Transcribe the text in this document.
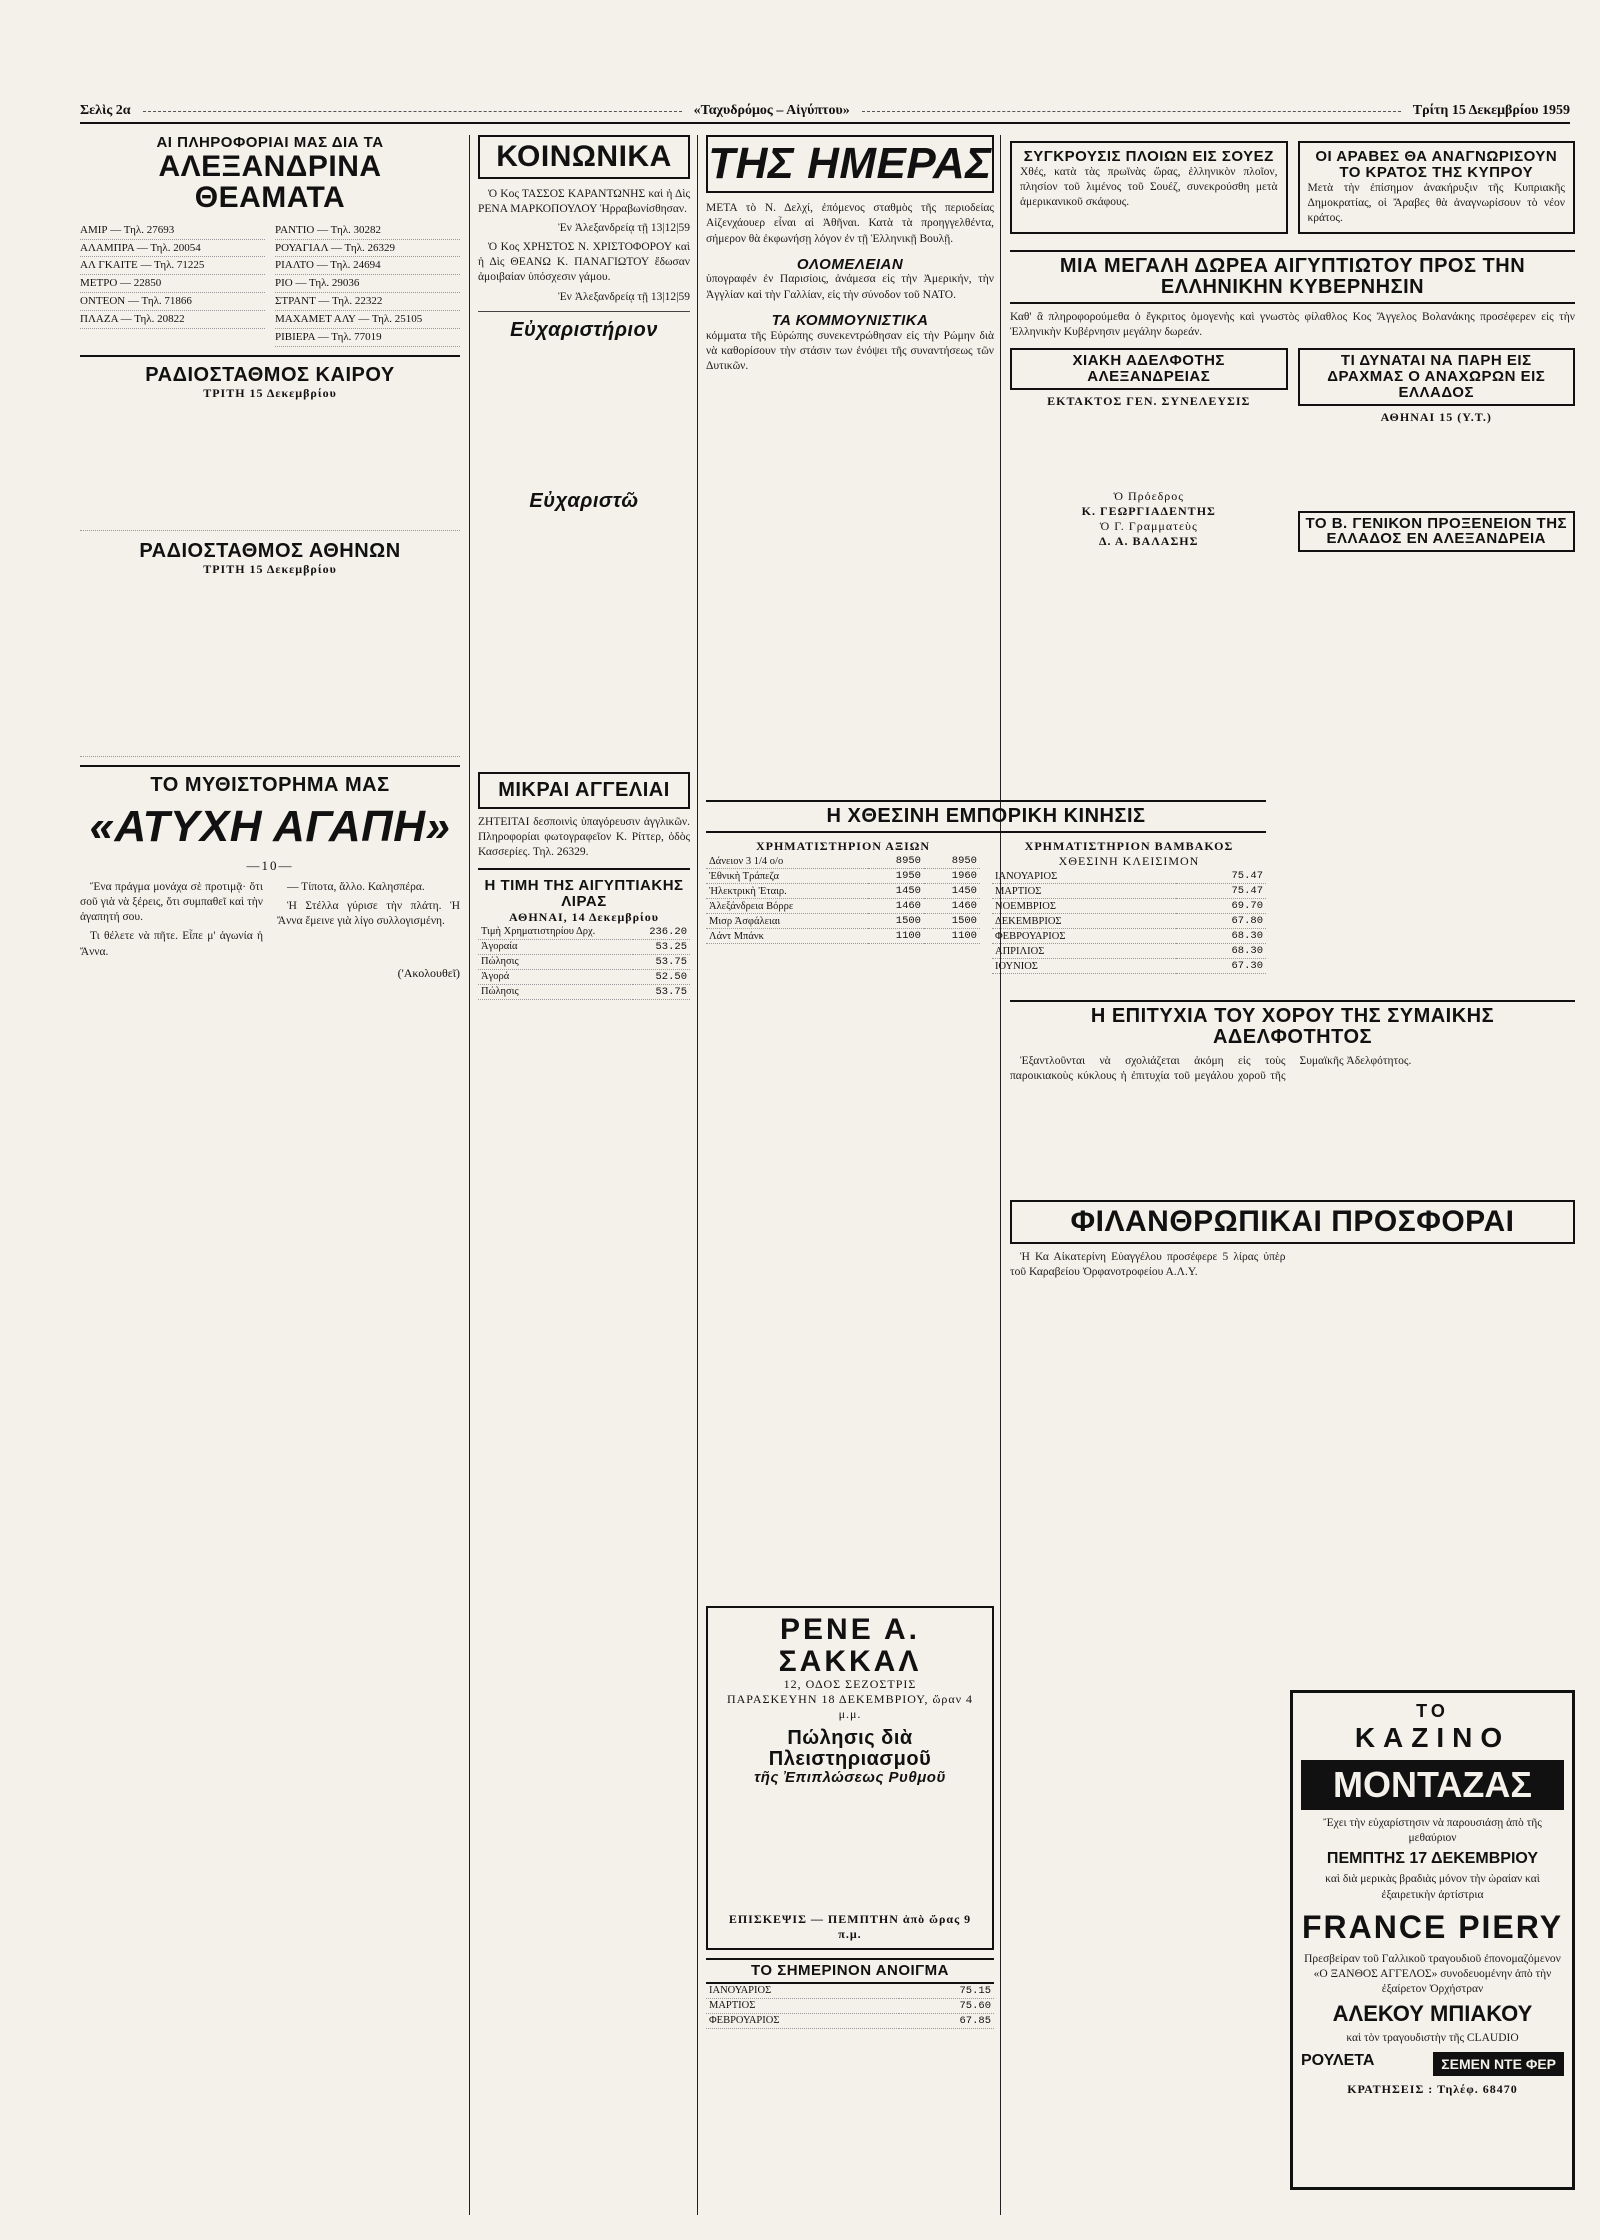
Σελὶς 2α	«Ταχυδρόμος – Αἰγύπτου»	Τρίτη 15 Δεκεμβρίου 1959
ΑΙ ΠΛΗΡΟΦΟΡΙΑΙ ΜΑΣ ΔΙΑ ΤΑ
ΑΛΕΞΑΝΔΡΙΝΑ ΘΕΑΜΑΤΑ
ΑΜΙΡ — Τηλ. 27693
ΑΛΑΜΠΡΑ — Τηλ. 20054
ΑΛ ΓΚΑΙΤΕ — Τηλ. 71225
ΜΕΤΡΟ — 22850
ΟΝΤΕΟΝ — Τηλ. 71866
ΠΛΑΖΑ — Τηλ. 20822
ΡΑΝΤΙΟ — Τηλ. 30282
ΡΟΥΑΓΙΑΛ — Τηλ. 26329
ΡΙΑΛΤΟ — Τηλ. 24694
ΡΙΟ — Τηλ. 29036
ΣΤΡΑΝΤ — Τηλ. 22322
ΜΑΧΑΜΕΤ ΑΛΥ — Τηλ. 25105
ΡΙΒΙΕΡΑ — Τηλ. 77019
ΡΑΔΙΟΣΤΑΘΜΟΣ ΚΑΙΡΟΥ
ΤΡΙΤΗ 15 Δεκεμβρίου
ΡΑΔΙΟΣΤΑΘΜΟΣ ΑΘΗΝΩΝ
ΤΡΙΤΗ 15 Δεκεμβρίου
ΤΟ ΜΥΘΙΣΤΟΡΗΜΑ ΜΑΣ
«ΑΤΥΧΗ ΑΓΑΠΗ»
—10—

Ἕνα πράγμα μονάχα σὲ προτιμᾷ· ὅτι σοῦ γιὰ νὰ ξέρεις, ὅτι συμπαθεῖ καὶ τὴν ἀγαπητή σου.

Τι θέλετε νὰ πῆτε. Εἶπε μ' ἀγωνία ἡ Ἄννα.

— Τίποτα, ἄλλο. Καλησπέρα.

Ἡ Στέλλα γύρισε τὴν πλάτη. Ἡ Ἄννα ἔμεινε γιὰ λίγο συλλογισμένη.

('Ακολουθεῖ)
ΚΟΙΝΩΝΙΚΑ

Ὁ Κος ΤΑΣΣΟΣ ΚΑΡΑΝΤΩΝΗΣ καὶ ἡ Δὶς ΡΕΝΑ ΜΑΡΚΟΠΟΥΛΟΥ Ἠρραβωνίσθησαν.

Ἐν Ἀλεξανδρείᾳ τῇ 13|12|59

Ὁ Κος ΧΡΗΣΤΟΣ Ν. ΧΡΙΣΤΟΦΟΡΟΥ καὶ ἡ Δὶς ΘΕΑΝΩ Κ. ΠΑΝΑΓΙΩΤΟΥ ἔδωσαν ἀμοιβαίαν ὑπόσχεσιν γάμου.

Ἐν Ἀλεξανδρείᾳ τῇ 13|12|59

Εὐχαριστήριον
Εὐχαριστῶ
ΜΙΚΡΑΙ ΑΓΓΕΛΙΑΙ
ΖΗΤΕΙΤΑΙ δεσποινὶς ὑπαγόρευσιν ἀγγλικῶν. Πληροφορίαι φωτογραφεῖον Κ. Ρίττερ, ὁδὸς Κασσερίες. Τηλ. 26329.
Η ΤΙΜΗ ΤΗΣ ΑΙΓΥΠΤΙΑΚΗΣ ΛΙΡΑΣ
ΑΘΗΝΑΙ, 14 Δεκεμβρίου
Τιμὴ Χρηματιστηρίου Δρχ.	236.20
Ἀγοραία	53.25
Πώλησις	53.75
Ἀγορά	52.50
Πώλησις	53.75
ΤΗΣ ΗΜΕΡΑΣ
ΜΕΤΑ τὸ Ν. Δελχί, ἐπόμενος σταθμὸς τῆς περιοδείας Αἰζενχάουερ εἶναι αἱ Ἀθῆναι. Κατὰ τὰ προηγγελθέντα, σήμερον θὰ ἐκφωνήσῃ λόγον ἐν τῇ Ἑλληνικῇ Βουλῇ.
ΟΛΟΜΕΛΕΙΑΝ
ὑπογραφέν ἐν Παρισίοις, ἀνάμεσα εἰς τὴν Ἀμερικήν, τὴν Ἀγγλίαν καὶ τὴν Γαλλίαν, εἰς τὴν σύνοδον τοῦ ΝΑΤΟ.
ΤΑ ΚΟΜΜΟΥΝΙΣΤΙΚΑ
κόμματα τῆς Εὐρώπης συνεκεντρώθησαν εἰς τὴν Ρώμην διὰ νὰ καθορίσουν τὴν στάσιν των ἐνόψει τῆς συναντήσεως τῶν Δυτικῶν.
Η ΧΘΕΣΙΝΗ ΕΜΠΟΡΙΚΗ ΚΙΝΗΣΙΣ
ΧΡΗΜΑΤΙΣΤΗΡΙΟΝ ΑΞΙΩΝ
Δάνειον 3 1/4 ο/ο	8950	8950
Ἐθνικὴ Τράπεζα	1950	1960
Ἠλεκτρικὴ Ἑταιρ.	1450	1450
Ἀλεξάνδρεια Βόρρε	1460	1460
Μισρ Ἀσφάλειαι	1500	1500
Λάντ Μπάνκ	1100	1100
ΧΡΗΜΑΤΙΣΤΗΡΙΟΝ ΒΑΜΒΑΚΟΣ
ΧΘΕΣΙΝΗ ΚΛΕΙΣΙΜΟΝ
ΙΑΝΟΥΑΡΙΟΣ	75.47
ΜΑΡΤΙΟΣ	75.47
ΝΟΕΜΒΡΙΟΣ	69.70
ΔΕΚΕΜΒΡΙΟΣ	67.80
ΦΕΒΡΟΥΑΡΙΟΣ	68.30
ΑΠΡΙΛΙΟΣ	68.30
ΙΟΥΝΙΟΣ	67.30
ΡΕΝΕ Α. ΣΑΚΚΑΛ
12, ΟΔΟΣ ΣΕΖΟΣΤΡΙΣ
ΠΑΡΑΣΚΕΥΗΝ 18 ΔΕΚΕΜΒΡΙΟΥ, ὥραν 4 μ.μ.
Πώλησις διὰ Πλειστηριασμοῦ
τῆς Ἐπιπλώσεως Ρυθμοῦ
ΕΠΙΣΚΕΨΙΣ — ΠΕΜΠΤΗΝ ἀπὸ ὥρας 9 π.μ.
ΤΟ ΣΗΜΕΡΙΝΟΝ ΑΝΟΙΓΜΑ
ΙΑΝΟΥΑΡΙΟΣ	75.15
ΜΑΡΤΙΟΣ	75.60
ΦΕΒΡΟΥΑΡΙΟΣ	67.85
ΣΥΓΚΡΟΥΣΙΣ ΠΛΟΙΩΝ ΕΙΣ ΣΟΥΕΖ
Χθές, κατὰ τὰς πρωϊνὰς ὥρας, ἑλληνικὸν πλοῖον, πλησίον τοῦ λιμένος τοῦ Σουέζ, συνεκρούσθη μετὰ ἀμερικανικοῦ σκάφους.
ΟΙ ΑΡΑΒΕΣ ΘΑ ΑΝΑΓΝΩΡΙΣΟΥΝ ΤΟ ΚΡΑΤΟΣ ΤΗΣ ΚΥΠΡΟΥ
Μετὰ τὴν ἐπίσημον ἀνακήρυξιν τῆς Κυπριακῆς Δημοκρατίας, οἱ Ἄραβες θὰ ἀναγνωρίσουν τὸ νέον κράτος.
ΜΙΑ ΜΕΓΑΛΗ ΔΩΡΕΑ ΑΙΓΥΠΤΙΩΤΟΥ ΠΡΟΣ ΤΗΝ ΕΛΛΗΝΙΚΗΝ ΚΥΒΕΡΝΗΣΙΝ
Καθ' ἃ πληροφορούμεθα ὁ ἔγκριτος ὁμογενὴς καὶ γνωστὸς φίλαθλος Κος Ἄγγελος Βολανάκης προσέφερεν εἰς τὴν Ἑλληνικὴν Κυβέρνησιν μεγάλην δωρεάν.
ΧΙΑΚΗ ΑΔΕΛΦΟΤΗΣ ΑΛΕΞΑΝΔΡΕΙΑΣ
ΕΚΤΑΚΤΟΣ ΓΕΝ. ΣΥΝΕΛΕΥΣΙΣ
Ὁ Πρόεδρος
Κ. ΓΕΩΡΓΙΑΔΕΝΤΗΣ
Ὁ Γ. Γραμματεὺς
Δ. Α. ΒΑΛΑΣΗΣ
ΤΙ ΔΥΝΑΤΑΙ ΝΑ ΠΑΡΗ ΕΙΣ ΔΡΑΧΜΑΣ Ο ΑΝΑΧΩΡΩΝ ΕΙΣ ΕΛΛΑΔΟΣ
ΑΘΗΝΑΙ 15 (Υ.Τ.)
ΤΟ Β. ΓΕΝΙΚΟΝ ΠΡΟΞΕΝΕΙΟΝ ΤΗΣ ΕΛΛΑΔΟΣ ΕΝ ΑΛΕΞΑΝΔΡΕΙΑ
Η ΕΠΙΤΥΧΙΑ ΤΟΥ ΧΟΡΟΥ ΤΗΣ ΣΥΜΑΙΚΗΣ ΑΔΕΛΦΟΤΗΤΟΣ

Ἐξαντλοῦνται νὰ σχολιάζεται ἀκόμη εἰς τοὺς παροικιακοὺς κύκλους ἡ ἐπιτυχία τοῦ μεγάλου χοροῦ τῆς Συμαϊκῆς Ἀδελφότητος.

ΦΙΛΑΝΘΡΩΠΙΚΑΙ ΠΡΟΣΦΟΡΑΙ

Ἡ Κα Αἰκατερίνη Εὐαγγέλου προσέφερε 5 λίρας ὑπὲρ τοῦ Καραβείου Ὀρφανοτροφείου Α.Λ.Υ.

ΤΟ
ΚΑΖΙΝΟ
ΜΟΝΤΑΖΑΣ
Ἔχει τὴν εὐχαρίστησιν νὰ παρουσιάσῃ ἀπὸ τῆς μεθαύριον
ΠΕΜΠΤΗΣ 17 ΔΕΚΕΜΒΡΙΟΥ
καὶ διὰ μερικὰς βραδιὰς μόνον τὴν ὡραίαν καὶ ἐξαιρετικὴν ἀρτίστρια
FRANCE PIERY
Πρεσβείραν τοῦ Γαλλικοῦ τραγουδιοῦ ἐπονομαζόμενον «Ο ΞΑΝΘΟΣ ΑΓΓΕΛΟΣ» συνοδευομένην ἀπὸ τὴν ἐξαίρετον Ὀρχήστραν
ΑΛΕΚΟΥ ΜΠΙΑΚΟΥ
καὶ τὸν τραγουδιστὴν τῆς CLAUDIO
ΡΟΥΛΕΤΑ	ΣΕΜΕΝ ΝΤΕ ΦΕΡ
ΚΡΑΤΗΣΕΙΣ : Τηλέφ. 68470
